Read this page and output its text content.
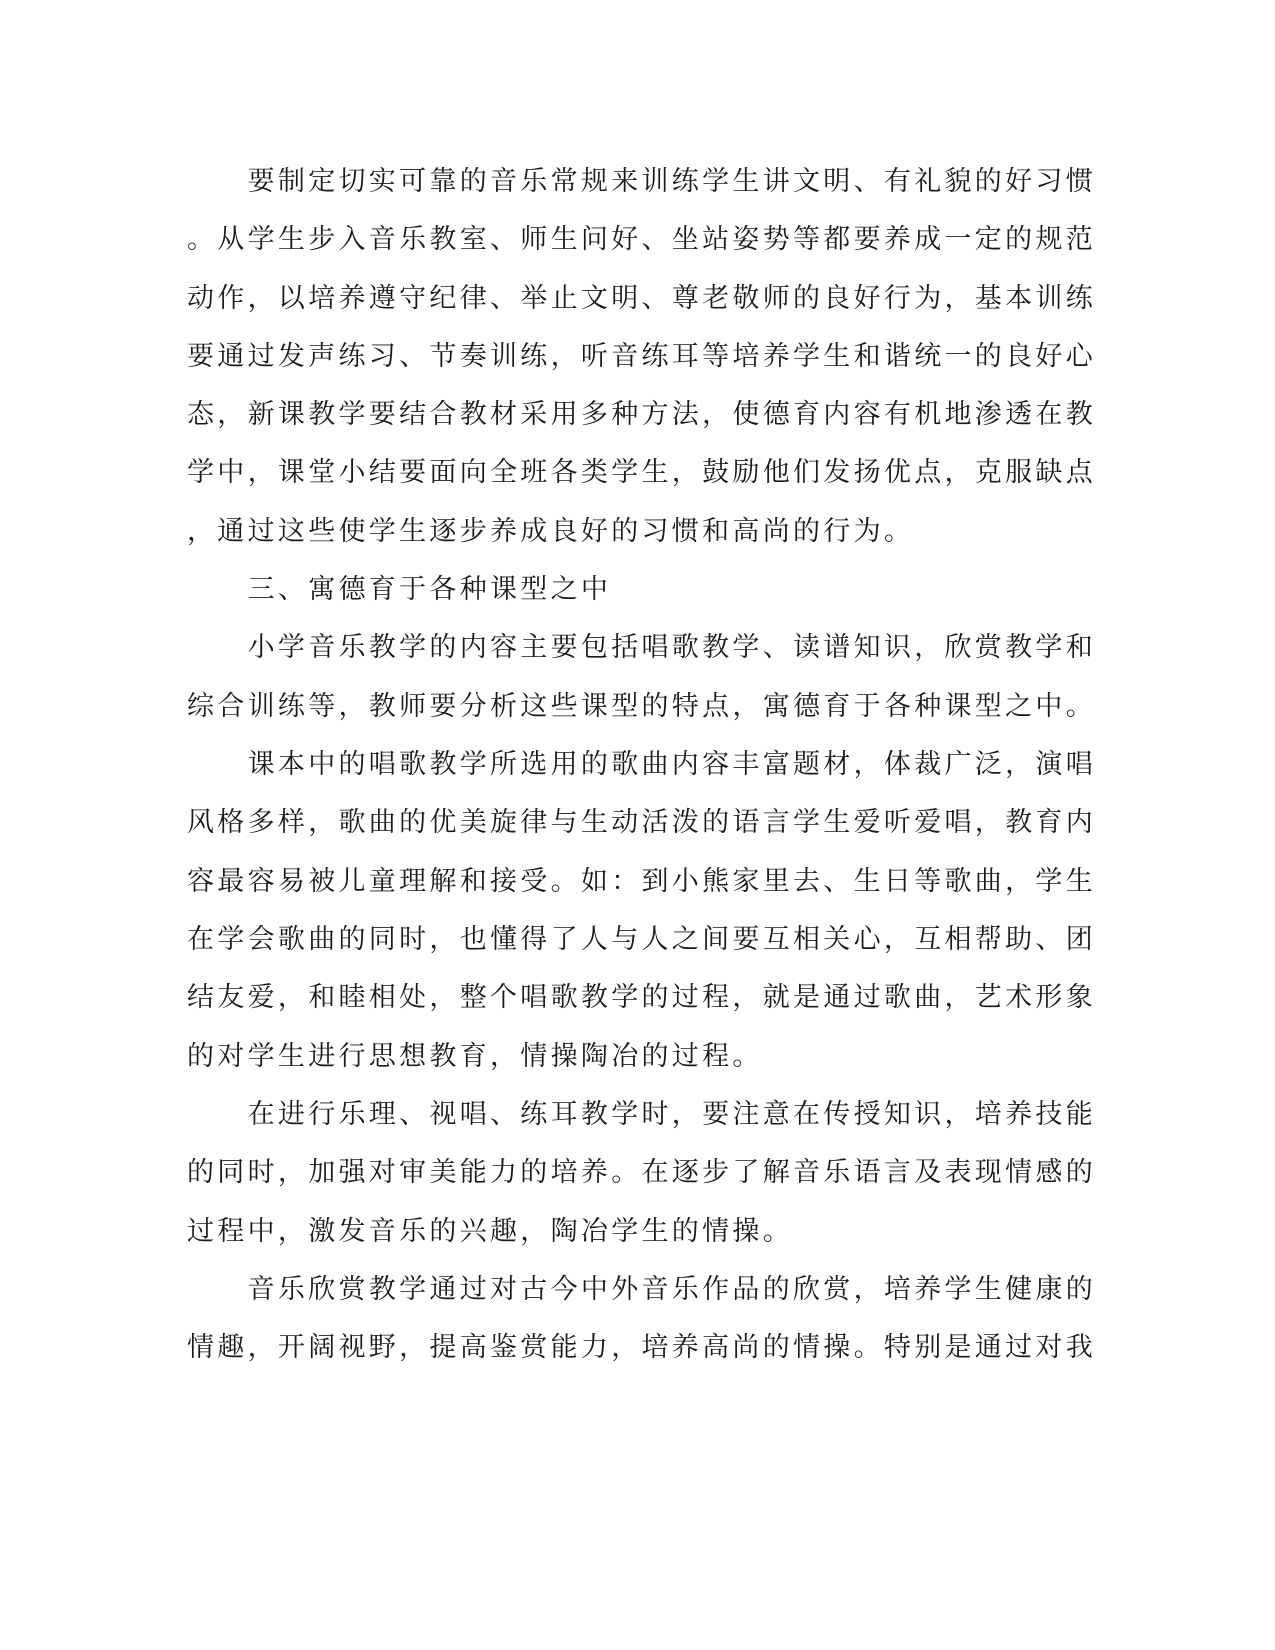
　　要制定切实可靠的音乐常规来训练学生讲文明、有礼貌的好习惯
。从学生步入音乐教室、师生问好、坐站姿势等都要养成一定的规范
动作，以培养遵守纪律、举止文明、尊老敬师的良好行为，基本训练
要通过发声练习、节奏训练，听音练耳等培养学生和谐统一的良好心
态，新课教学要结合教材采用多种方法，使德育内容有机地渗透在教
学中，课堂小结要面向全班各类学生，鼓励他们发扬优点，克服缺点
，通过这些使学生逐步养成良好的习惯和高尚的行为。
　　三、寓德育于各种课型之中
　　小学音乐教学的内容主要包括唱歌教学、读谱知识，欣赏教学和
综合训练等，教师要分析这些课型的特点，寓德育于各种课型之中。
　　课本中的唱歌教学所选用的歌曲内容丰富题材，体裁广泛，演唱
风格多样，歌曲的优美旋律与生动活泼的语言学生爱听爱唱，教育内
容最容易被儿童理解和接受。如：到小熊家里去、生日等歌曲，学生
在学会歌曲的同时，也懂得了人与人之间要互相关心，互相帮助、团
结友爱，和睦相处，整个唱歌教学的过程，就是通过歌曲，艺术形象
的对学生进行思想教育，情操陶冶的过程。
　　在进行乐理、视唱、练耳教学时，要注意在传授知识，培养技能
的同时，加强对审美能力的培养。在逐步了解音乐语言及表现情感的
过程中，激发音乐的兴趣，陶冶学生的情操。
　　音乐欣赏教学通过对古今中外音乐作品的欣赏，培养学生健康的
情趣，开阔视野，提高鉴赏能力，培养高尚的情操。特别是通过对我
